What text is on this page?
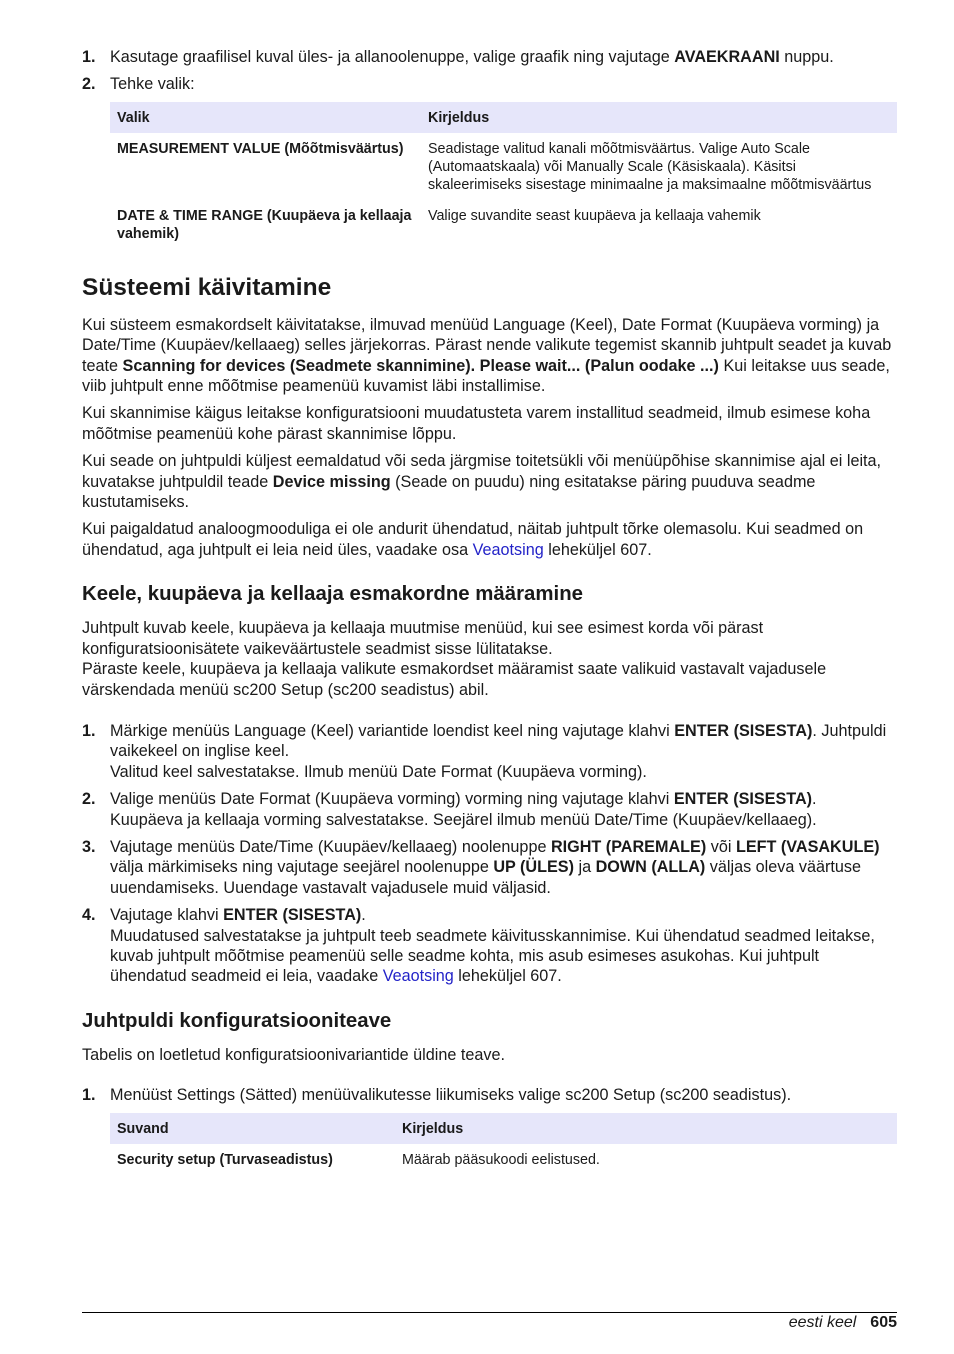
1. Kasutage graafilisel kuval üles- ja allanoolenuppe, valige graafik ning vajutage AVAEKRAANI nuppu.

2. Tehke valik:

Valik	Kirjeldus
MEASUREMENT VALUE (Mõõtmisväärtus)	Seadistage valitud kanali mõõtmisväärtus. Valige Auto Scale (Automaatskaala) või Manually Scale (Käsiskaala). Käsitsi skaleerimiseks sisestage minimaalne ja maksimaalne mõõtmisväärtus
DATE & TIME RANGE (Kuupäeva ja kellaaja vahemik)	Valige suvandite seast kuupäeva ja kellaaja vahemik
Süsteemi käivitamine

Kui süsteem esmakordselt käivitatakse, ilmuvad menüüd Language (Keel), Date Format (Kuupäeva vorming) ja Date/Time (Kuupäev/kellaaeg) selles järjekorras. Pärast nende valikute tegemist skannib juhtpult seadet ja kuvab teate Scanning for devices (Seadmete skannimine). Please wait... (Palun oodake ...) Kui leitakse uus seade, viib juhtpult enne mõõtmise peamenüü kuvamist läbi installimise.

Kui skannimise käigus leitakse konfiguratsiooni muudatusteta varem installitud seadmeid, ilmub esimese koha mõõtmise peamenüü kohe pärast skannimise lõppu.

Kui seade on juhtpuldi küljest eemaldatud või seda järgmise toitetsükli või menüüpõhise skannimise ajal ei leita, kuvatakse juhtpuldil teade Device missing (Seade on puudu) ning esitatakse päring puuduva seadme kustutamiseks.

Kui paigaldatud analoogmooduliga ei ole andurit ühendatud, näitab juhtpult tõrke olemasolu. Kui seadmed on ühendatud, aga juhtpult ei leia neid üles, vaadake osa Veaotsing leheküljel 607.

Keele, kuupäeva ja kellaaja esmakordne määramine

Juhtpult kuvab keele, kuupäeva ja kellaaja muutmise menüüd, kui see esimest korda või pärast konfiguratsioonisätete vaikeväärtustele seadmist sisse lülitatakse.
Päraste keele, kuupäeva ja kellaaja valikute esmakordset määramist saate valikuid vastavalt vajadusele värskendada menüü sc200 Setup (sc200 seadistus) abil.

1. Märkige menüüs Language (Keel) variantide loendist keel ning vajutage klahvi ENTER (SISESTA). Juhtpuldi vaikekeel on inglise keel.
Valitud keel salvestatakse. Ilmub menüü Date Format (Kuupäeva vorming).

2. Valige menüüs Date Format (Kuupäeva vorming) vorming ning vajutage klahvi ENTER (SISESTA).
Kuupäeva ja kellaaja vorming salvestatakse. Seejärel ilmub menüü Date/Time (Kuupäev/kellaaeg).

3. Vajutage menüüs Date/Time (Kuupäev/kellaaeg) noolenuppe RIGHT (PAREMALE) või LEFT (VASAKULE) välja märkimiseks ning vajutage seejärel noolenuppe UP (ÜLES) ja DOWN (ALLA) väljas oleva väärtuse uuendamiseks. Uuendage vastavalt vajadusele muid väljasid.

4. Vajutage klahvi ENTER (SISESTA).
Muudatused salvestatakse ja juhtpult teeb seadmete käivitusskannimise. Kui ühendatud seadmed leitakse, kuvab juhtpult mõõtmise peamenüü selle seadme kohta, mis asub esimeses asukohas. Kui juhtpult ühendatud seadmeid ei leia, vaadake Veaotsing leheküljel 607.

Juhtpuldi konfiguratsiooniteave

Tabelis on loetletud konfiguratsioonivariantide üldine teave.

1. Menüüst Settings (Sätted) menüüvalikutesse liikumiseks valige sc200 Setup (sc200 seadistus).

Suvand	Kirjeldus
Security setup (Turvaseadistus)	Määrab pääsukoodi eelistused.
eesti keel 605
